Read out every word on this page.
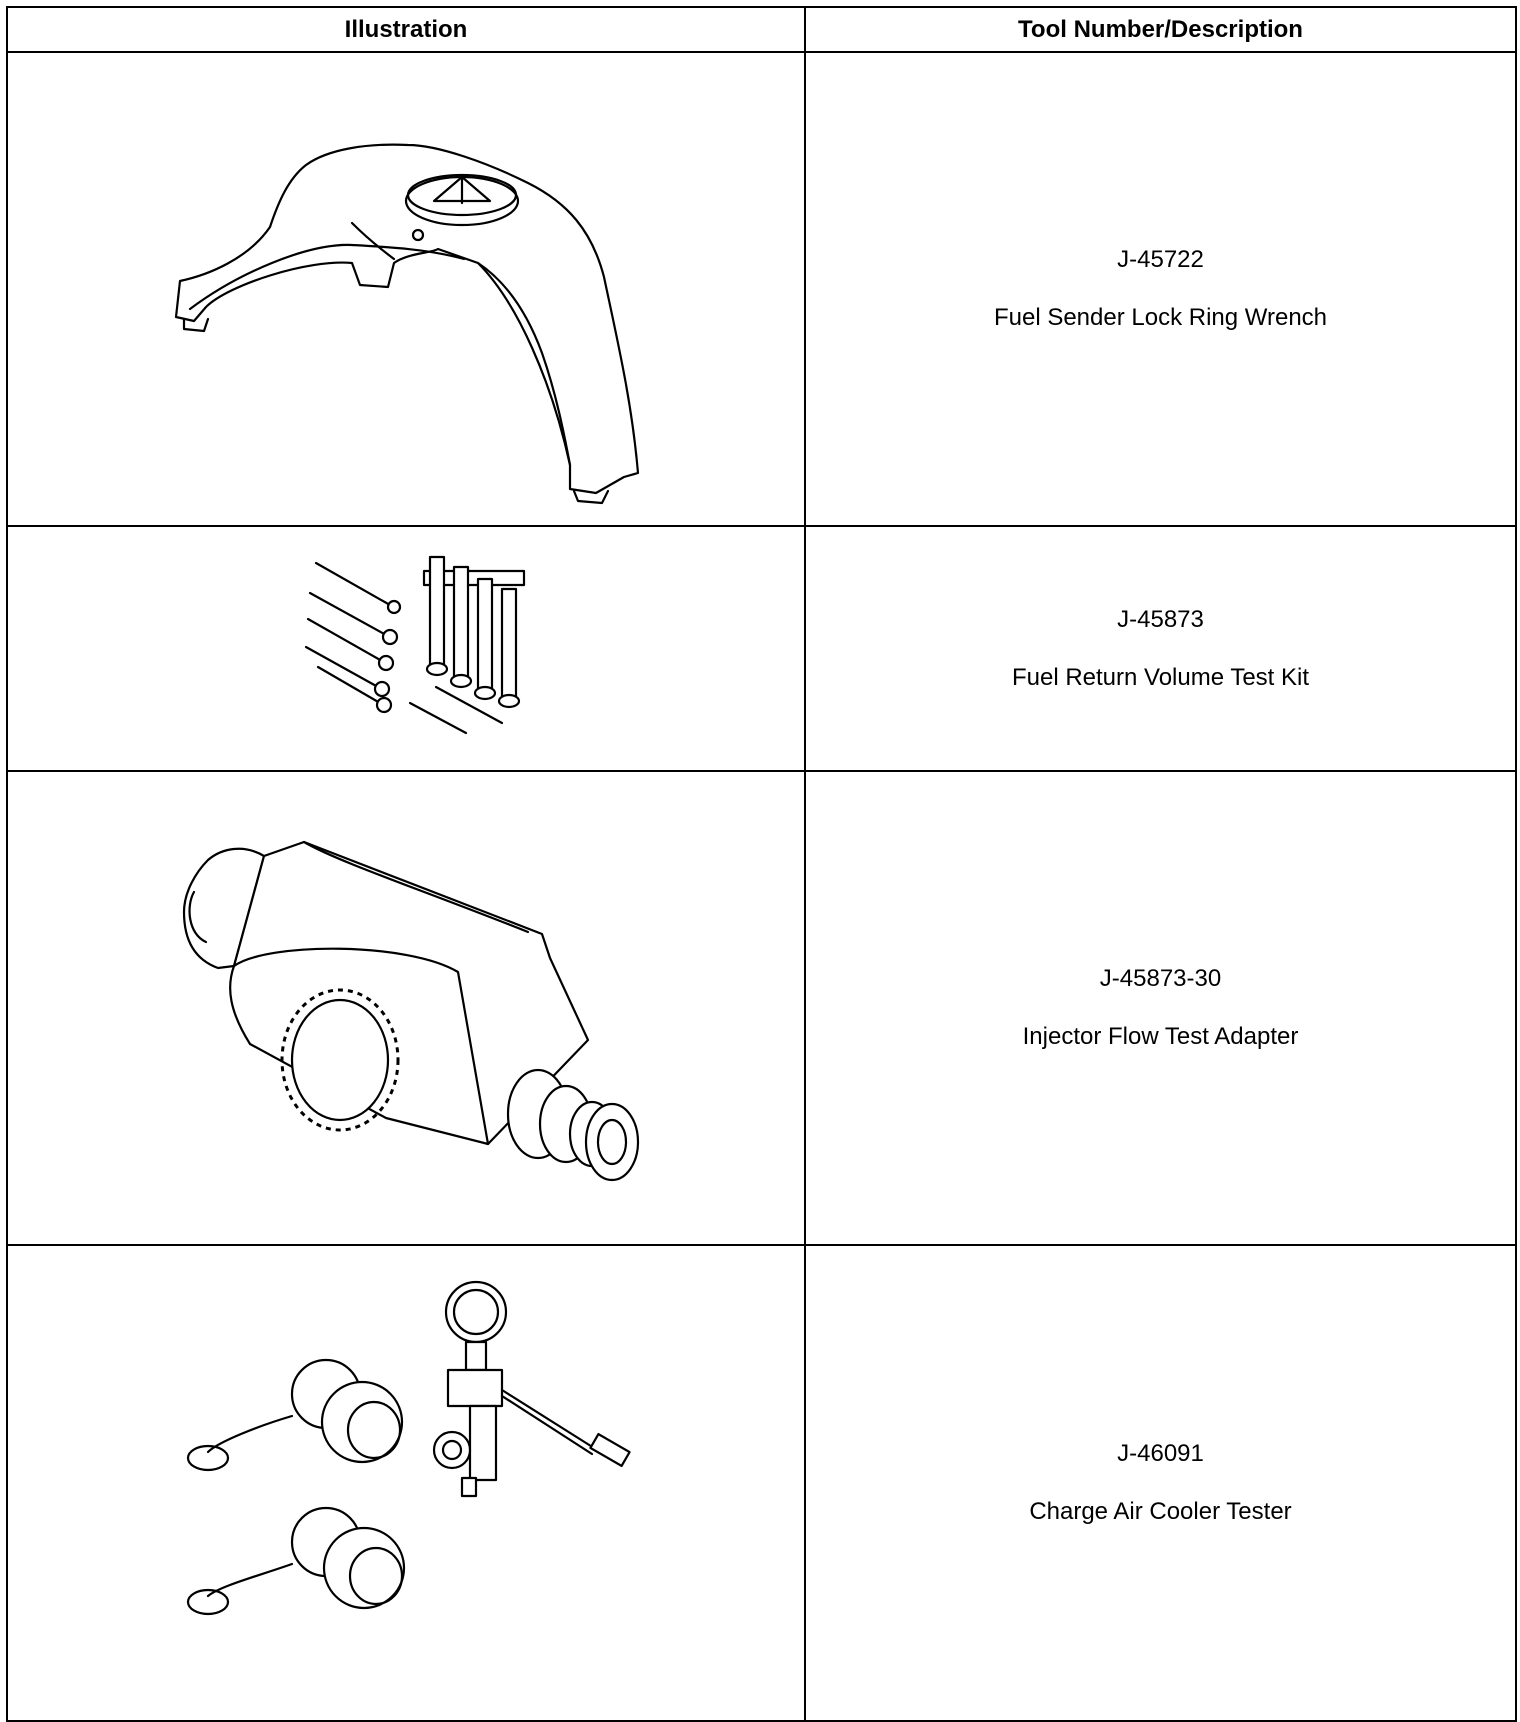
Illustration	Tool Number/Description

J-45722
Fuel Sender Lock Ring Wrench

J-45873
Fuel Return Volume Test Kit

J-45873-30
Injector Flow Test Adapter

J-46091
Charge Air Cooler Tester
